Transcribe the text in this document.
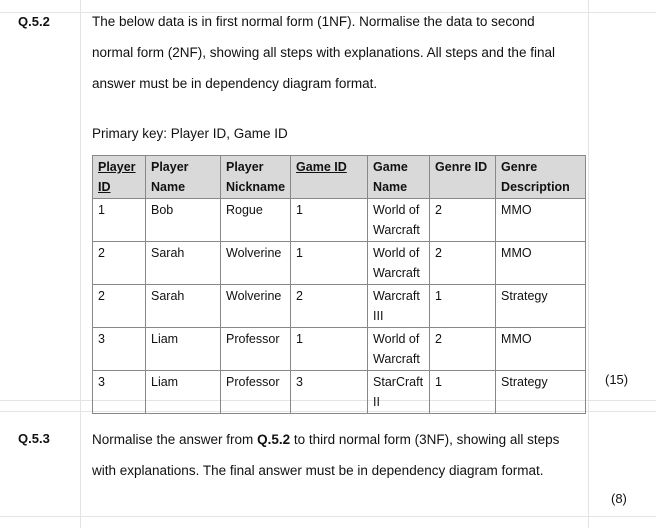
Q.5.2	The below data is in first normal form (1NF). Normalise the data to second normal form (2NF), showing all steps with explanations. All steps and the final answer must be in dependency diagram format.
Primary key: Player ID, Game ID
Player ID	Player Name	Player Nickname	Game ID	Game Name	Genre ID	Genre Description
1	Bob	Rogue	1	World of Warcraft	2	MMO
2	Sarah	Wolverine	1	World of Warcraft	2	MMO
2	Sarah	Wolverine	2	Warcraft III	1	Strategy
3	Liam	Professor	1	World of Warcraft	2	MMO
3	Liam	Professor	3	StarCraft II	1	Strategy	(15)
Q.5.3	Normalise the answer from Q.5.2 to third normal form (3NF), showing all steps with explanations. The final answer must be in dependency diagram format.
(8)
